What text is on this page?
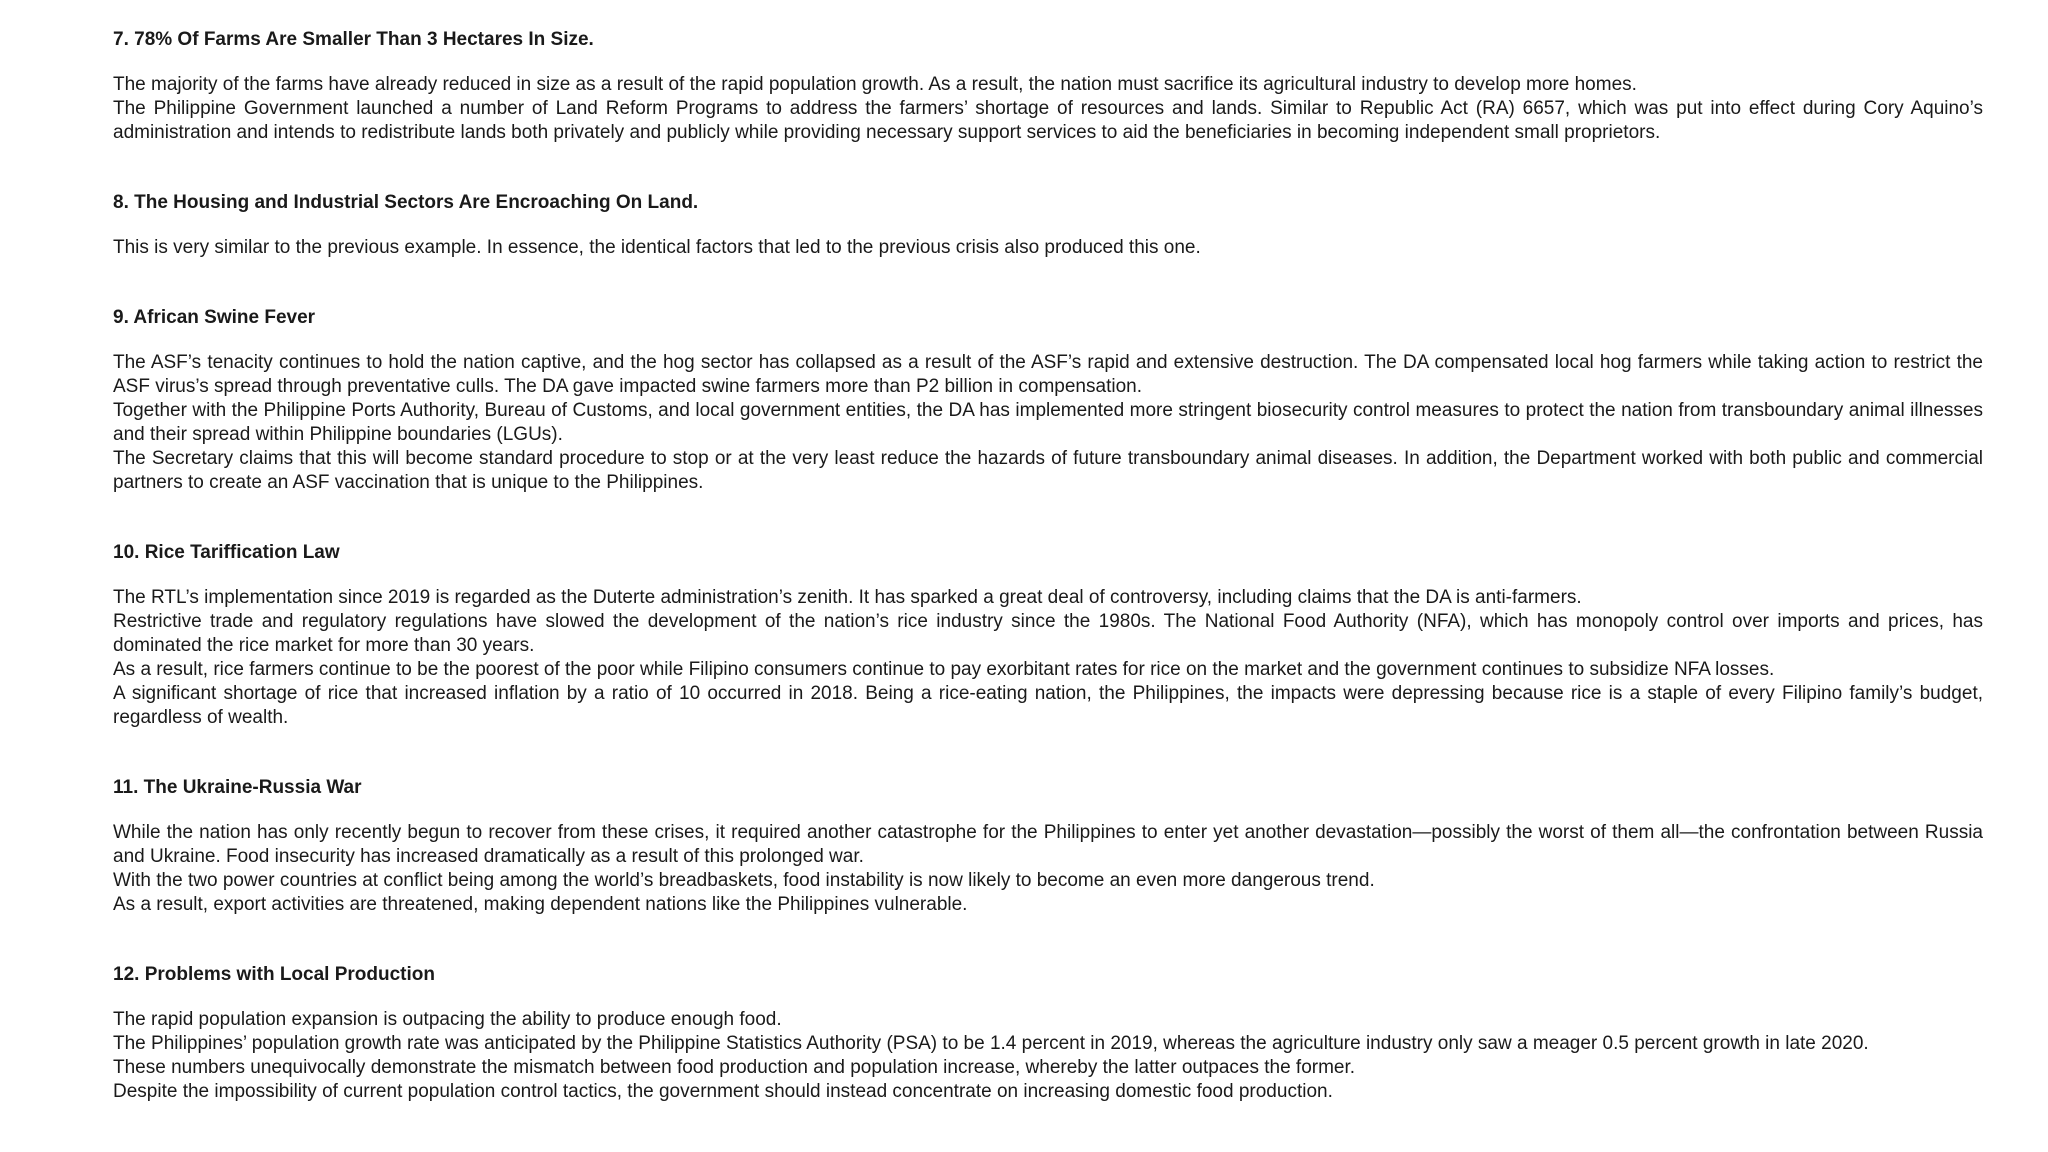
7. 78% Of Farms Are Smaller Than 3 Hectares In Size.

The majority of the farms have already reduced in size as a result of the rapid population growth. As a result, the nation must sacrifice its agricultural industry to develop more homes.

The Philippine Government launched a number of Land Reform Programs to address the farmers’ shortage of resources and lands. Similar to Republic Act (RA) 6657, which was put into effect during Cory Aquino’s administration and intends to redistribute lands both privately and publicly while providing necessary support services to aid the beneficiaries in becoming independent small proprietors.

8. The Housing and Industrial Sectors Are Encroaching On Land.

This is very similar to the previous example. In essence, the identical factors that led to the previous crisis also produced this one.

9. African Swine Fever

The ASF’s tenacity continues to hold the nation captive, and the hog sector has collapsed as a result of the ASF’s rapid and extensive destruction. The DA compensated local hog farmers while taking action to restrict the ASF virus’s spread through preventative culls. The DA gave impacted swine farmers more than P2 billion in compensation.

Together with the Philippine Ports Authority, Bureau of Customs, and local government entities, the DA has implemented more stringent biosecurity control measures to protect the nation from transboundary animal illnesses and their spread within Philippine boundaries (LGUs).

The Secretary claims that this will become standard procedure to stop or at the very least reduce the hazards of future transboundary animal diseases. In addition, the Department worked with both public and commercial partners to create an ASF vaccination that is unique to the Philippines.

10. Rice Tariffication Law

The RTL’s implementation since 2019 is regarded as the Duterte administration’s zenith. It has sparked a great deal of controversy, including claims that the DA is anti-farmers.

Restrictive trade and regulatory regulations have slowed the development of the nation’s rice industry since the 1980s. The National Food Authority (NFA), which has monopoly control over imports and prices, has dominated the rice market for more than 30 years.

As a result, rice farmers continue to be the poorest of the poor while Filipino consumers continue to pay exorbitant rates for rice on the market and the government continues to subsidize NFA losses.

A significant shortage of rice that increased inflation by a ratio of 10 occurred in 2018. Being a rice-eating nation, the Philippines, the impacts were depressing because rice is a staple of every Filipino family’s budget, regardless of wealth.

11. The Ukraine-Russia War

While the nation has only recently begun to recover from these crises, it required another catastrophe for the Philippines to enter yet another devastation—possibly the worst of them all—the confrontation between Russia and Ukraine. Food insecurity has increased dramatically as a result of this prolonged war.

With the two power countries at conflict being among the world’s breadbaskets, food instability is now likely to become an even more dangerous trend.

As a result, export activities are threatened, making dependent nations like the Philippines vulnerable.

12. Problems with Local Production

The rapid population expansion is outpacing the ability to produce enough food.

The Philippines’ population growth rate was anticipated by the Philippine Statistics Authority (PSA) to be 1.4 percent in 2019, whereas the agriculture industry only saw a meager 0.5 percent growth in late 2020.

These numbers unequivocally demonstrate the mismatch between food production and population increase, whereby the latter outpaces the former.

Despite the impossibility of current population control tactics, the government should instead concentrate on increasing domestic food production.
